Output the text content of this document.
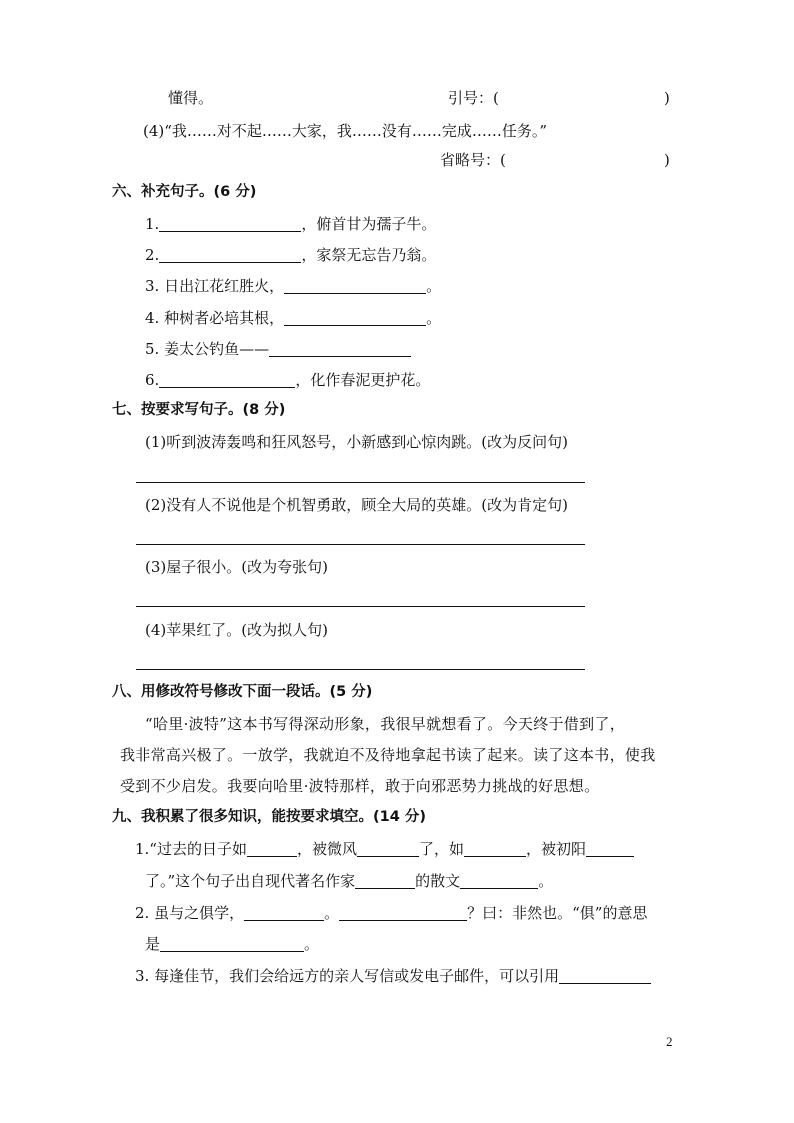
懂得。	引号：(	)
(4)“我……对不起……大家，我……没有……完成……任务。”
省略号：(	)
六、补充句子。(6 分)
1.	，俯首甘为孺子牛。
2.	，家祭无忘告乃翁。
3. 日出江花红胜火，	。
4. 种树者必培其根，	。
5. 姜太公钓鱼——
6.	，化作春泥更护花。
七、按要求写句子。(8 分)
(1)听到波涛轰鸣和狂风怒号，小新感到心惊肉跳。(改为反问句)
(2)没有人不说他是个机智勇敢，顾全大局的英雄。(改为肯定句)
(3)屋子很小。(改为夸张句)
(4)苹果红了。(改为拟人句)
八、用修改符号修改下面一段话。(5 分)
“哈里·波特”这本书写得深动形象，我很早就想看了。今天终于借到了，
我非常高兴极了。一放学，我就迫不及待地拿起书读了起来。读了这本书，使我
受到不少启发。我要向哈里·波特那样，敢于向邪恶势力挑战的好思想。
九、我积累了很多知识，能按要求填空。(14 分)
1.“过去的日子如	，被微风	了，如	，被初阳
了。”这个句子出自现代著名作家	的散文	。
2. 虽与之俱学，	。	？曰：非然也。“俱”的意思
是	。
3. 每逢佳节，我们会给远方的亲人写信或发电子邮件，可以引用
2
